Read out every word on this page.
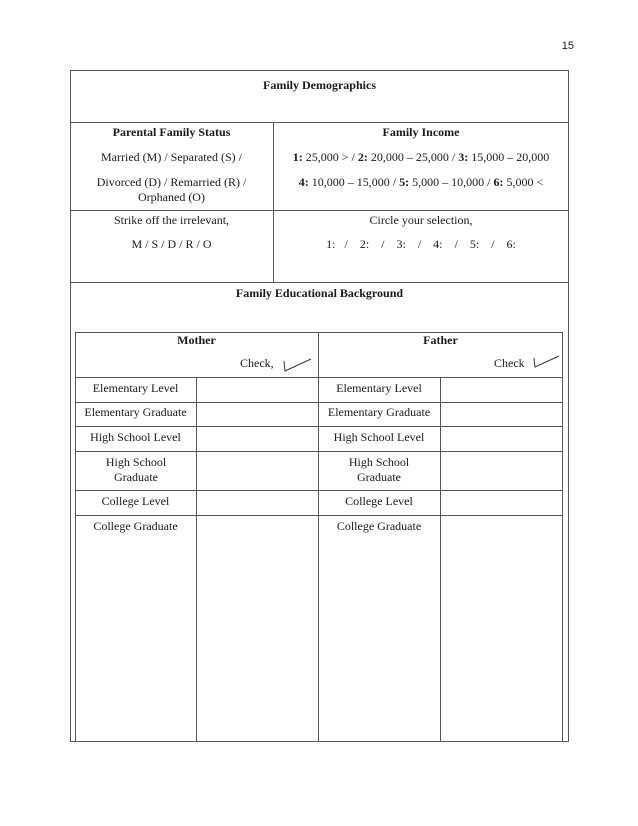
15
Family Demographics
Parental Family Status
Married (M) / Separated (S) /
Divorced (D) / Remarried (R) /
Orphaned (O)
Family Income
1: 25,000 > / 2: 20,000 – 25,000 / 3: 15,000 – 20,000
4: 10,000 – 15,000 / 5: 5,000 – 10,000 / 6: 5,000 <
Strike off the irrelevant,
M / S / D / R / O
Circle your selection,
1:   /    2:    /    3:    /    4:    /    5:    /    6:
Family Educational Background
Mother
Check,
Father
Check
Elementary Level
Elementary Graduate
High School Level
High School Graduate
College Level
College Graduate
Elementary Level
Elementary Graduate
High School Level
High School Graduate
College Level
College Graduate
